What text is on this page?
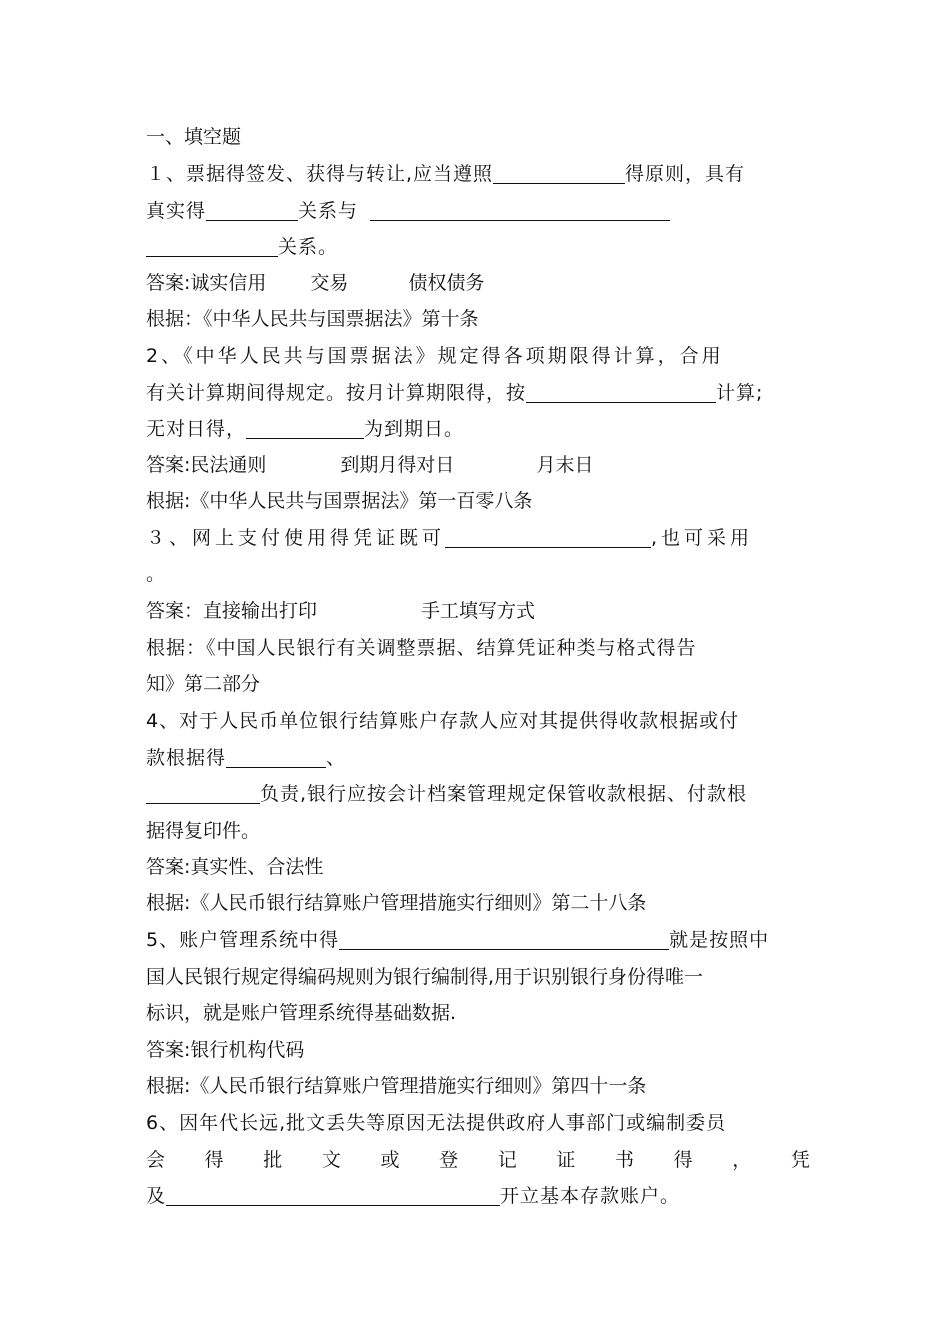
一、填空题
１、票据得签发、获得与转让,应当遵照	得原则，具有
真实得	关系与
关系。
答案:诚实信用 交易	债权债务
根据：《中华人民共与国票据法》第十条
2、《中华人民共与国票据法》规定得各项期限得计算，合用
有关计算期间得规定。按月计算期限得，按	计算;
无对日得，	为到期日。
答案:民法通则	到期月得对日	月末日
根据:《中华人民共与国票据法》第一百零八条
３、网上支付使用得凭证既可	,也可采用
。
答案：直接输出打印	手工填写方式
根据：《中国人民银行有关调整票据、结算凭证种类与格式得告
知》第二部分
4、对于人民币单位银行结算账户存款人应对其提供得收款根据或付
款根据得	、
负责,银行应按会计档案管理规定保管收款根据、付款根
据得复印件。
答案:真实性、合法性
根据:《人民币银行结算账户管理措施实行细则》第二十八条
5、账户管理系统中得	就是按照中
国人民银行规定得编码规则为银行编制得,用于识别银行身份得唯一
标识，就是账户管理系统得基础数据.
答案:银行机构代码
根据:《人民币银行结算账户管理措施实行细则》第四十一条
6、因年代长远,批文丢失等原因无法提供政府人事部门或编制委员
会 得 批 文 或 登 记 证 书 得 ， 凭
及	开立基本存款账户。
